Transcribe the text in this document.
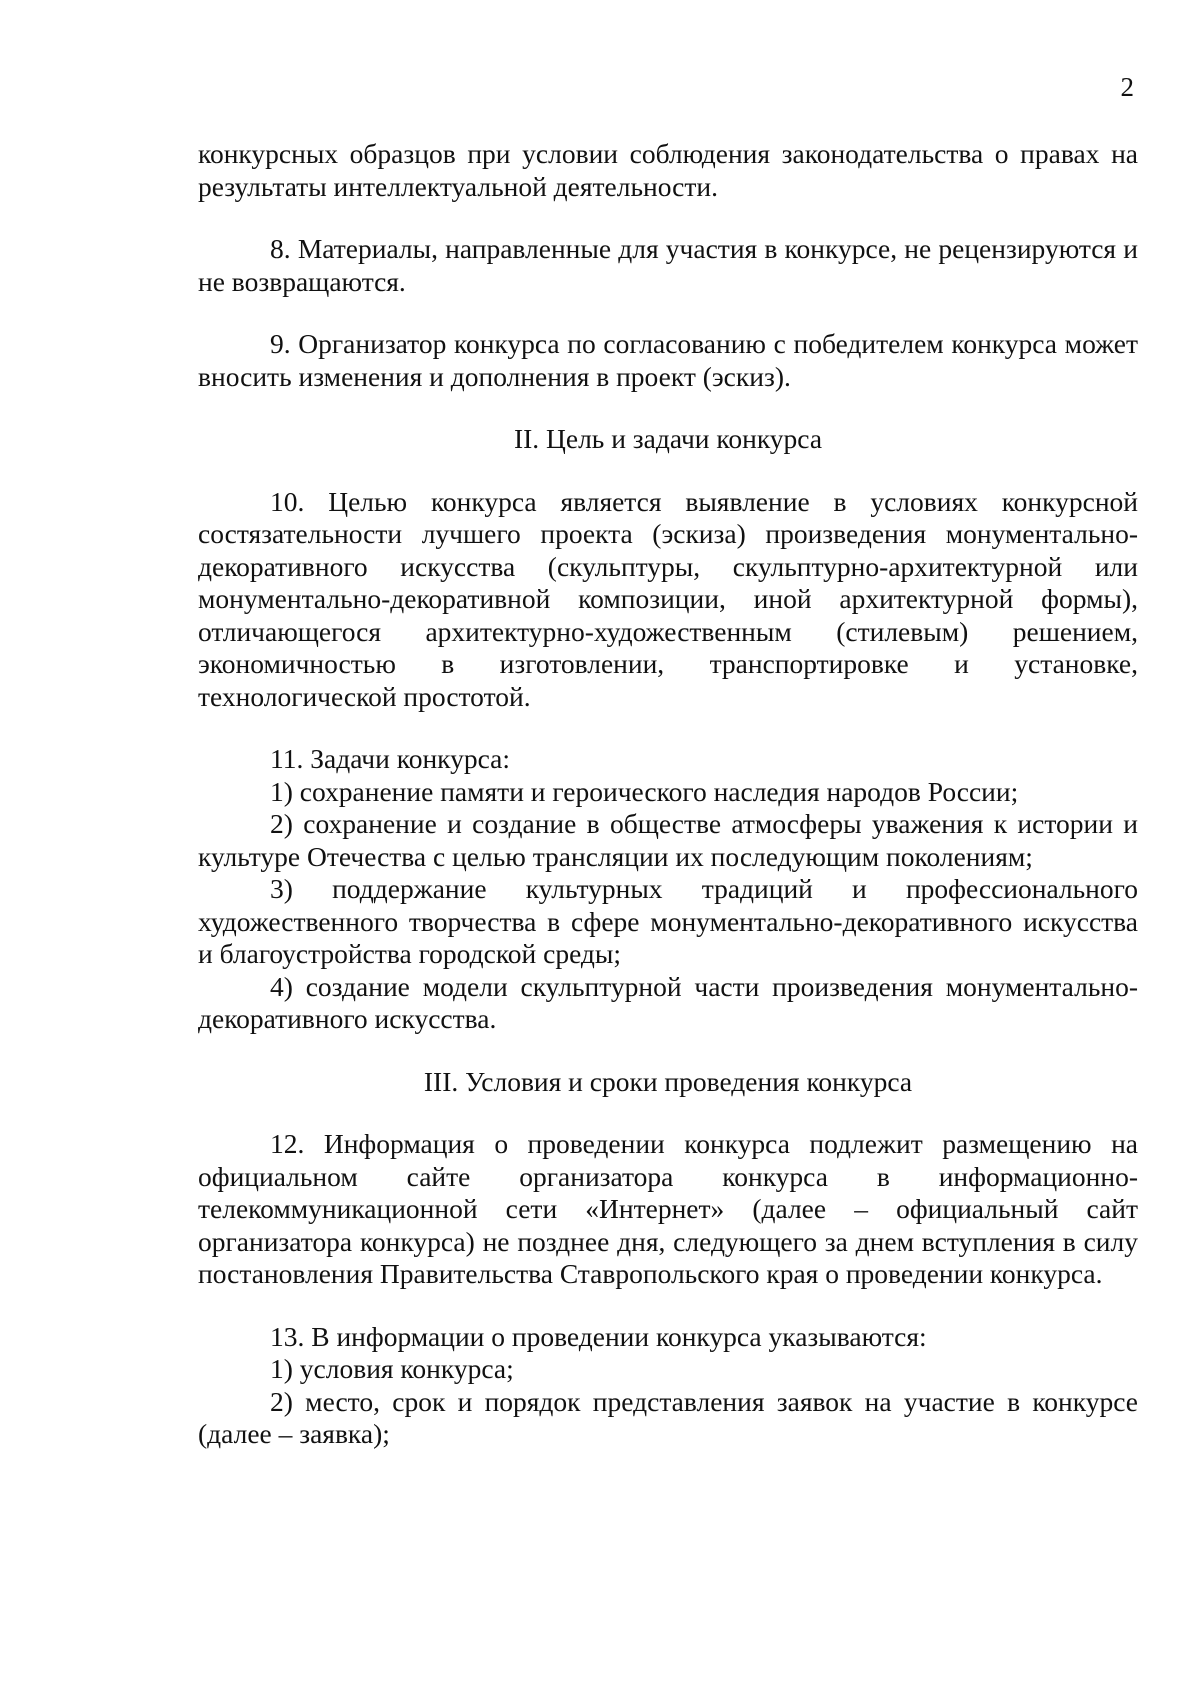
2

конкурсных образцов при условии соблюдения законодательства о правах на результаты интеллектуальной деятельности.

8. Материалы, направленные для участия в конкурсе, не рецензируются и не возвращаются.

9. Организатор конкурса по согласованию с победителем конкурса может вносить изменения и дополнения в проект (эскиз).

II. Цель и задачи конкурса

10. Целью конкурса является выявление в условиях конкурсной состязательности лучшего проекта (эскиза) произведения монументально-декоративного искусства (скульптуры, скульптурно-архитектурной или монументально-декоративной композиции, иной архитектурной формы), отличающегося архитектурно-художественным (стилевым) решением, экономичностью в изготовлении, транспортировке и установке, технологической простотой.

11. Задачи конкурса:

1) сохранение памяти и героического наследия народов России;

2) сохранение и создание в обществе атмосферы уважения к истории и культуре Отечества с целью трансляции их последующим поколениям;

3) поддержание культурных традиций и профессионального художественного творчества в сфере монументально-декоративного искусства и благоустройства городской среды;

4) создание модели скульптурной части произведения монументально-декоративного искусства.

III. Условия и сроки проведения конкурса

12. Информация о проведении конкурса подлежит размещению на официальном сайте организатора конкурса в информационно-телекоммуникационной сети «Интернет» (далее – официальный сайт организатора конкурса) не позднее дня, следующего за днем вступления в силу постановления Правительства Ставропольского края о проведении конкурса.

13. В информации о проведении конкурса указываются:

1) условия конкурса;

2) место, срок и порядок представления заявок на участие в конкурсе (далее – заявка);
